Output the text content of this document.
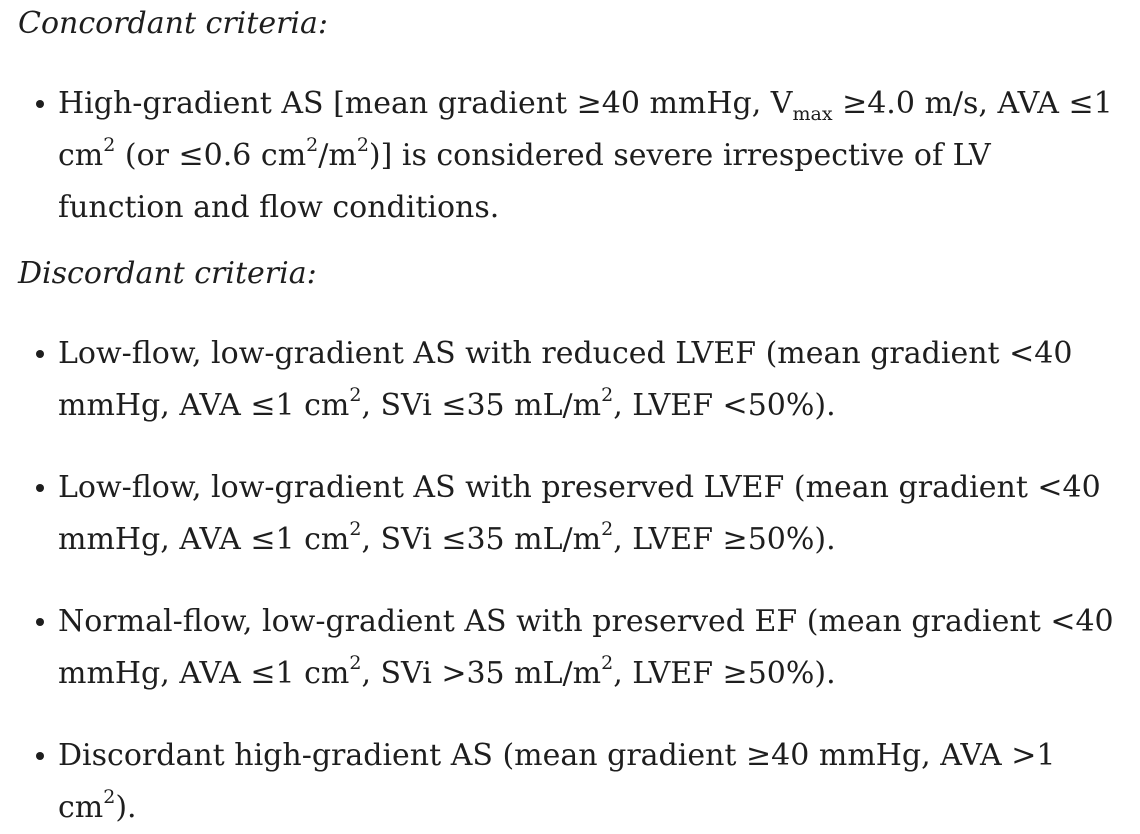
Concordant criteria:

High-gradient AS [mean gradient ≥40 mmHg, $V_{max} \ge 4.0$ m/s, AVA ≤1 $cm^2$ (or ≤0.6 $cm^2/m^2$)] is considered severe irrespective of LV function and flow conditions.

Discordant criteria:

Low-flow, low-gradient AS with reduced LVEF (mean gradient <40 mmHg, AVA ≤1 $cm^2$, SVi ≤35 $mL/m^2$, LVEF <50%).
Low-flow, low-gradient AS with preserved LVEF (mean gradient <40 mmHg, AVA ≤1 $cm^2$, SVi ≤35 $mL/m^2$, LVEF ≥50%).
Normal-flow, low-gradient AS with preserved EF (mean gradient <40 mmHg, AVA ≤1 $cm^2$, SVi >35 $mL/m^2$, LVEF ≥50%).
Discordant high-gradient AS (mean gradient ≥40 mmHg, AVA >1 $cm^2$).
